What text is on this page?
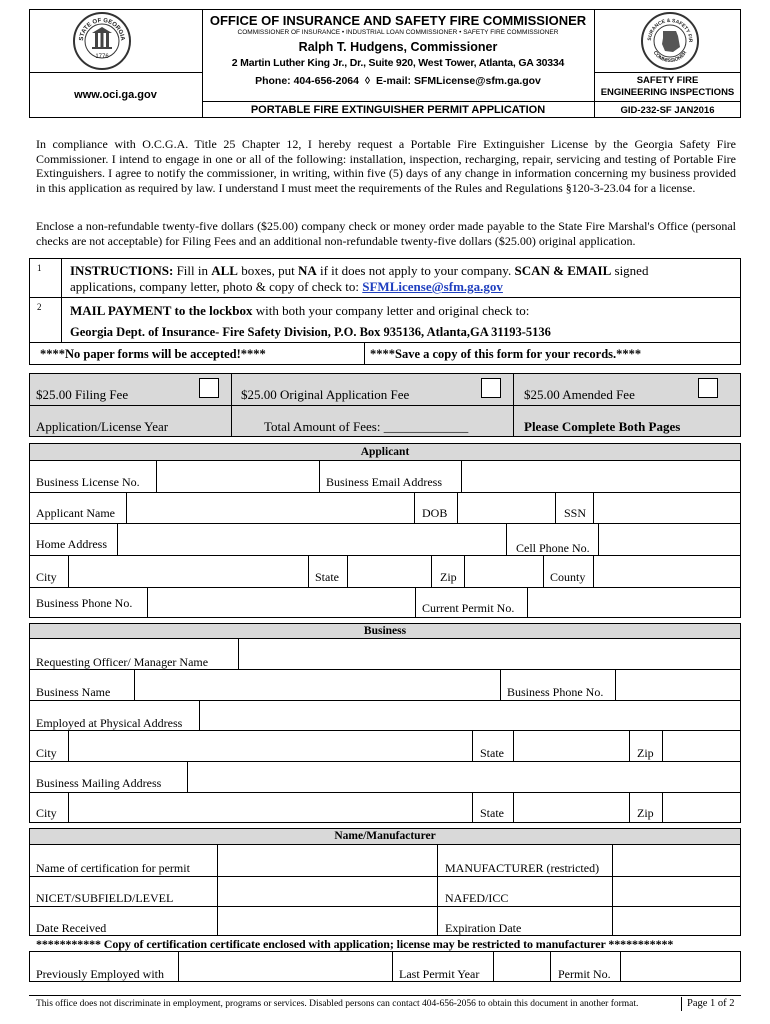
STATE OF GEORGIA
1776
SURANCE & SAFETY FIR
COMMISSIONER
OFFICE OF INSURANCE AND SAFETY FIRE COMMISSIONER
COMMISSIONER OF INSURANCE • INDUSTRIAL LOAN COMMISSIONER • SAFETY FIRE COMMISSIONER
Ralph T. Hudgens, Commissioner
2 Martin Luther King Jr., Dr., Suite 920, West Tower, Atlanta, GA 30334
Phone: 404-656-2064 ◊ E-mail: SFMLicense@sfm.ga.gov
www.oci.ga.gov
PORTABLE FIRE EXTINGUISHER PERMIT APPLICATION
SAFETY FIRE
ENGINEERING INSPECTIONS
GID-232-SF JAN2016
In compliance with O.C.G.A. Title 25 Chapter 12, I hereby request a Portable Fire Extinguisher License by the Georgia Safety Fire Commissioner. I intend to engage in one or all of the following: installation, inspection, recharging, repair, servicing and testing of Portable Fire Extinguishers. I agree to notify the commissioner, in writing, within five (5) days of any change in information concerning my business provided in this application as required by law. I understand I must meet the requirements of the Rules and Regulations §120-3-23.04 for a license.
Enclose a non-refundable twenty-five dollars ($25.00) company check or money order made payable to the State Fire Marshal's Office (personal checks are not acceptable) for Filing Fees and an additional non-refundable twenty-five dollars ($25.00) original application.
1 INSTRUCTIONS: Fill in ALL boxes, put NA if it does not apply to your company. SCAN & EMAIL signed
applications, company letter, photo & copy of check to: SFMLicense@sfm.ga.gov
2 MAIL PAYMENT to the lockbox with both your company letter and original check to:
Georgia Dept. of Insurance- Fire Safety Division, P.O. Box 935136, Atlanta,GA 31193-5136
****No paper forms will be accepted!****	****Save a copy of this form for your records.****
$25.00 Filing Fee	$25.00 Original Application Fee	$25.00 Amended Fee
Application/License Year	Total Amount of Fees: _____________	Please Complete Both Pages
Applicant
Business License No.	Business Email Address
Applicant Name	DOB	SSN
Home Address	Cell Phone No.
City	State	Zip	County
Business Phone No.	Current Permit No.
Business
Requesting Officer/ Manager Name
Business Name	Business Phone No.
Employed at Physical Address
City	State	Zip
Business Mailing Address
City	State	Zip
Name/Manufacturer
Name of certification for permit	MANUFACTURER (restricted)
NICET/SUBFIELD/LEVEL	NAFED/ICC
Date Received	Expiration Date
*********** Copy of certification certificate enclosed with application; license may be restricted to manufacturer ***********
Previously Employed with	Last Permit Year	Permit No.
This office does not discriminate in employment, programs or services. Disabled persons can contact 404-656-2056 to obtain this document in another format.	Page 1 of 2
